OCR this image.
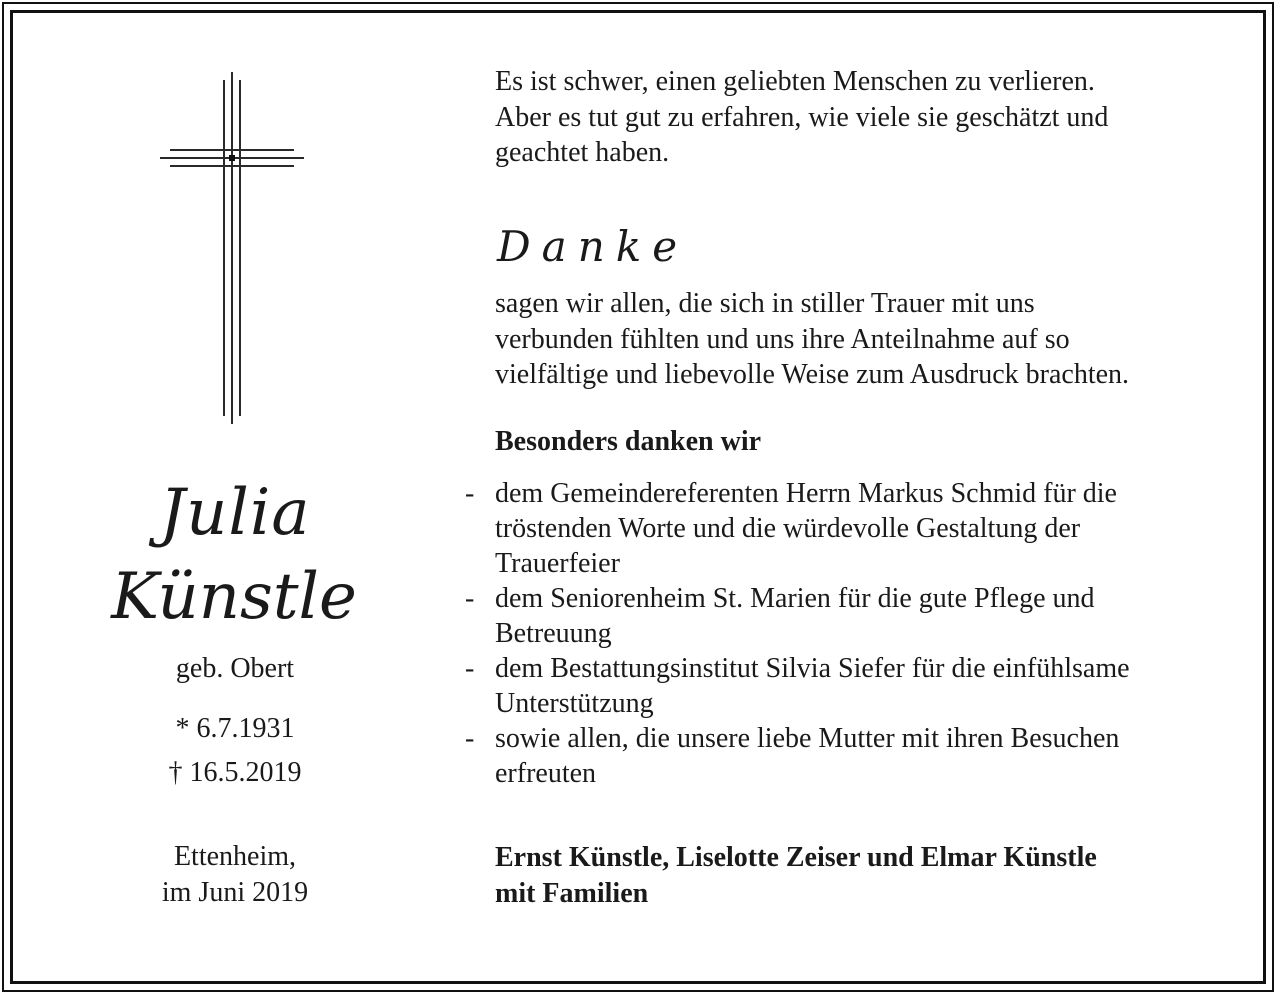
Julia
Künstle
geb. Obert
* 6.7.1931
† 16.5.2019
Ettenheim,
im Juni 2019
Es ist schwer, einen geliebten Menschen zu verlieren.
Aber es tut gut zu erfahren, wie viele sie geschätzt und
geachtet haben.
Danke
sagen wir allen, die sich in stiller Trauer mit uns
verbunden fühlten und uns ihre Anteilnahme auf so
vielfältige und liebevolle Weise zum Ausdruck brachten.
Besonders danken wir
- dem Gemeindereferenten Herrn Markus Schmid für die
tröstenden Worte und die würdevolle Gestaltung der
Trauerfeier
- dem Seniorenheim St. Marien für die gute Pflege und
Betreuung
- dem Bestattungsinstitut Silvia Siefer für die einfühlsame
Unterstützung
- sowie allen, die unsere liebe Mutter mit ihren Besuchen
erfreuten
Ernst Künstle, Liselotte Zeiser und Elmar Künstle
mit Familien
